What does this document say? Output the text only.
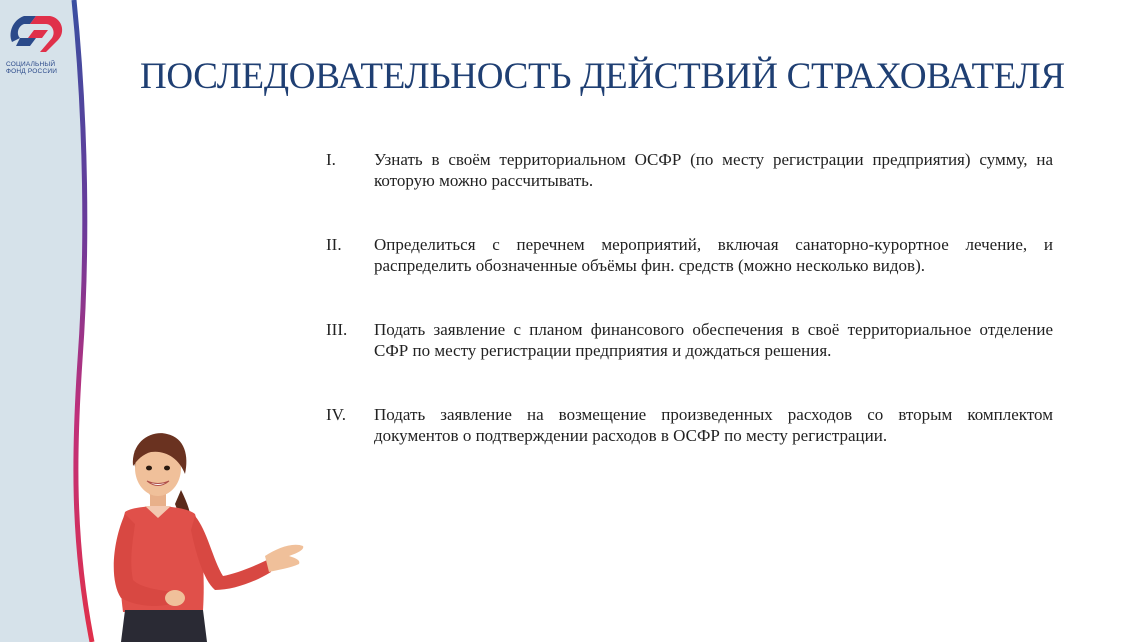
СОЦИАЛЬНЫЙ
ФОНД РОССИИ	ПОСЛЕДОВАТЕЛЬНОСТЬ ДЕЙСТВИЙ СТРАХОВАТЕЛЯ
I. Узнать в своём территориальном ОСФР (по месту регистрации предприятия) сумму, на которую можно рассчитывать.
II. Определиться с перечнем мероприятий, включая санаторно-курортное лечение, и распределить обозначенные объёмы фин. средств (можно несколько видов).
III. Подать заявление с планом финансового обеспечения в своё территориальное отделение СФР по месту регистрации предприятия и дождаться решения.
IV. Подать заявление на возмещение произведенных расходов со вторым комплектом документов о подтверждении расходов в ОСФР по месту регистрации.
